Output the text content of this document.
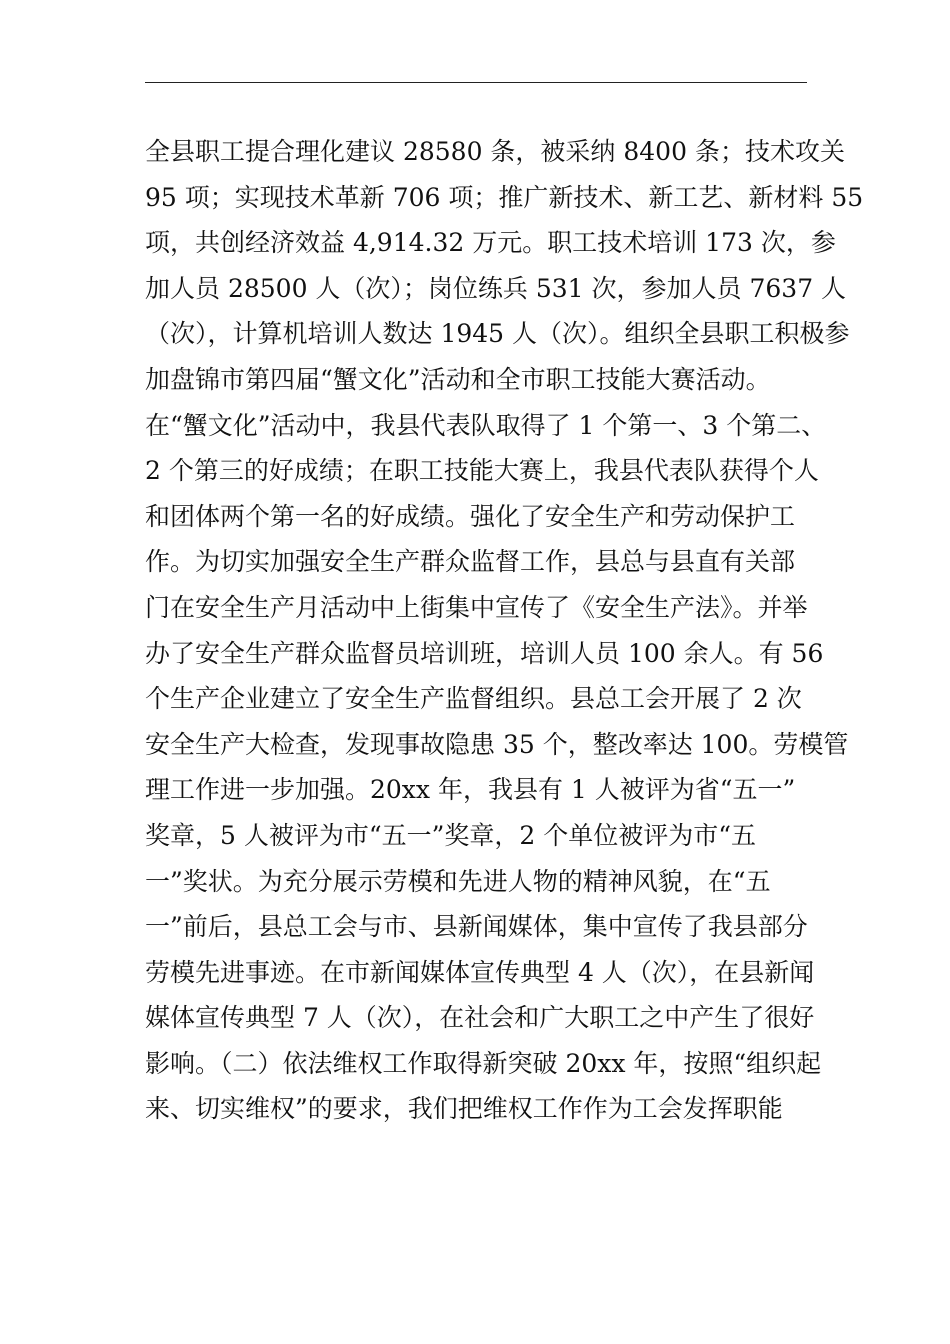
全县职工提合理化建议 28580 条，被采纳 8400 条；技术攻关
95 项；实现技术革新 706 项；推广新技术、新工艺、新材料 55
项，共创经济效益 4,914.32 万元。职工技术培训 173 次，参
加人员 28500 人（次）；岗位练兵 531 次，参加人员 7637 人
（次），计算机培训人数达 1945 人（次）。组织全县职工积极参
加盘锦市第四届“蟹文化”活动和全市职工技能大赛活动。
在“蟹文化”活动中，我县代表队取得了 1 个第一、3 个第二、
2 个第三的好成绩；在职工技能大赛上，我县代表队获得个人
和团体两个第一名的好成绩。强化了安全生产和劳动保护工
作。为切实加强安全生产群众监督工作，县总与县直有关部
门在安全生产月活动中上街集中宣传了《安全生产法》。并举
办了安全生产群众监督员培训班，培训人员 100 余人。有 56
个生产企业建立了安全生产监督组织。县总工会开展了 2 次
安全生产大检查，发现事故隐患 35 个，整改率达 100。劳模管
理工作进一步加强。20xx 年，我县有 1 人被评为省“五一”
奖章，5 人被评为市“五一”奖章，2 个单位被评为市“五
一”奖状。为充分展示劳模和先进人物的精神风貌，在“五
一”前后，县总工会与市、县新闻媒体，集中宣传了我县部分
劳模先进事迹。在市新闻媒体宣传典型 4 人（次），在县新闻
媒体宣传典型 7 人（次），在社会和广大职工之中产生了很好
影响。（二）依法维权工作取得新突破 20xx 年，按照“组织起
来、切实维权”的要求，我们把维权工作作为工会发挥职能
